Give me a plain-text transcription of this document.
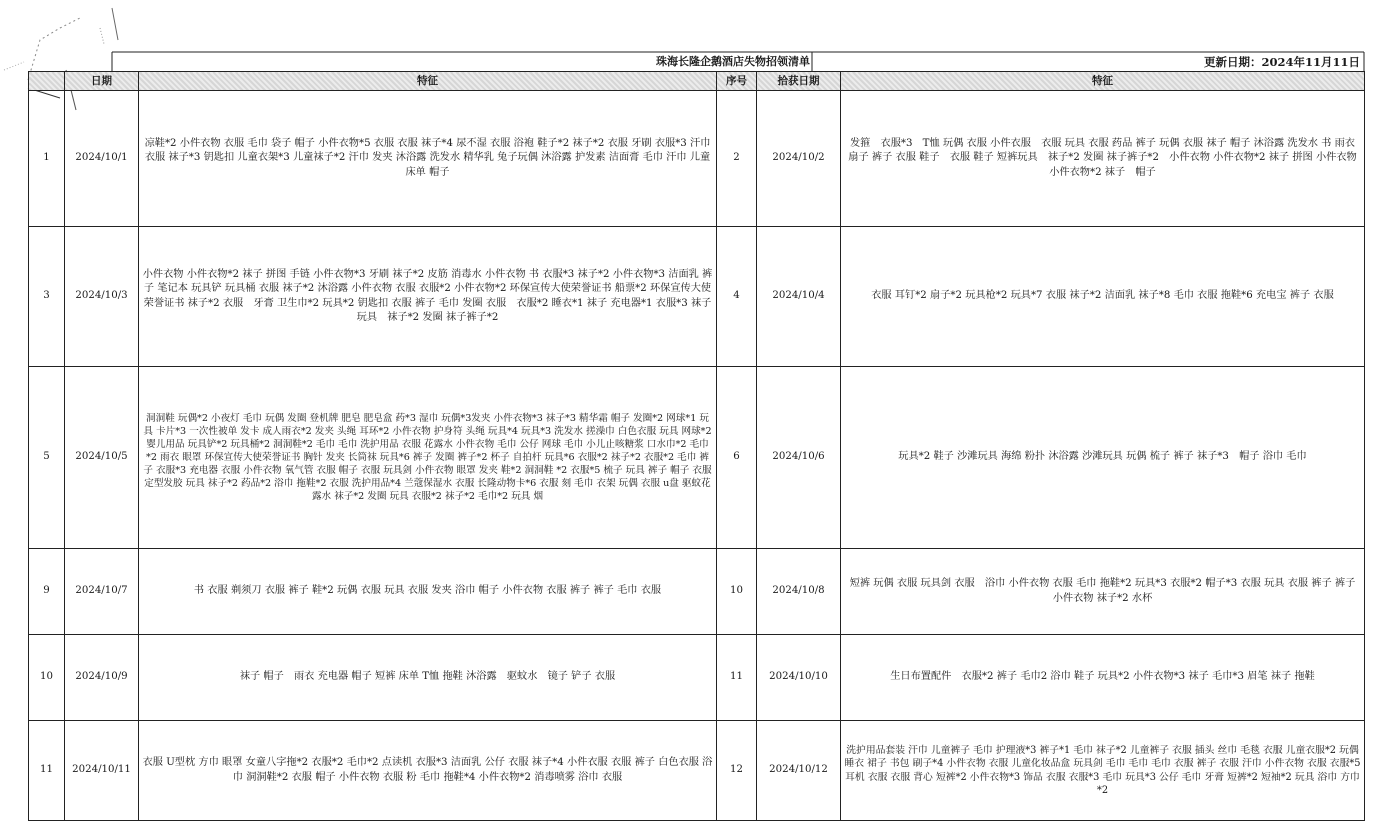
珠海长隆企鹅酒店失物招领清单	更新日期：2024年11月11日
	日期	特征	序号	拾获日期	特征
1	2024/10/1	凉鞋*2 小件衣物 衣服 毛巾 袋子 帽子 小件衣物*5 衣服 衣服 袜子*4 尿不湿 衣服 浴袍 鞋子*2 袜子*2 衣服 牙刷 衣服*3 汗巾 衣服 袜子*3 钥匙扣 儿童衣架*3 儿童袜子*2 汗巾 发夹 沐浴露 洗发水 精华乳 兔子玩偶 沐浴露 护发素 洁面膏 毛巾 汗巾 儿童床单 帽子	2	2024/10/2	发箍　衣服*3　T恤 玩偶 衣服 小件衣服　衣服 玩具 衣服 药品 裤子 玩偶 衣服 袜子 帽子 沐浴露 洗发水 书 雨衣　扇子 裤子 衣服 鞋子　衣服 鞋子 短裤玩具　袜子*2 发圈 袜子裤子*2　小件衣物 小件衣物*2 袜子 拼图 小件衣物 小件衣物*2 袜子　帽子
3	2024/10/3	小件衣物 小件衣物*2 袜子 拼图 手链 小件衣物*3 牙刷 袜子*2 皮筋 消毒水 小件衣物 书 衣服*3 袜子*2 小件衣物*3 洁面乳 裤子 笔记本 玩具铲 玩具桶 衣服 袜子*2 沐浴露 小件衣物 衣服 衣服*2 小件衣物*2 环保宣传大使荣誉证书 船票*2 环保宣传大使荣誉证书 袜子*2 衣服　牙膏 卫生巾*2 玩具*2 钥匙扣 衣服 裤子 毛巾 发圈 衣服　衣服*2 睡衣*1 袜子 充电器*1 衣服*3 袜子　玩具　袜子*2 发圈 袜子裤子*2	4	2024/10/4	衣服 耳钉*2 扇子*2 玩具枪*2 玩具*7 衣服 袜子*2 洁面乳 袜子*8 毛巾 衣服 拖鞋*6 充电宝 裤子 衣服
5	2024/10/5	洞洞鞋 玩偶*2 小夜灯 毛巾 玩偶 发圈 登机牌 肥皂 肥皂盒 药*3 湿巾 玩偶*3发夹 小件衣物*3 袜子*3 精华霜 帽子 发圈*2 网球*1 玩具 卡片*3 一次性被单 发卡 成人雨衣*2 发夹 头绳 耳环*2 小件衣物 护身符 头绳 玩具*4 玩具*3 洗发水 搓澡巾 白色衣服 玩具 网球*2 婴儿用品 玩具铲*2 玩具桶*2 洞洞鞋*2 毛巾 毛巾 洗护用品 衣服 花露水 小件衣物 毛巾 公仔 网球 毛巾 小儿止咳糖浆 口水巾*2 毛巾*2 雨衣 眼罩 环保宣传大使荣誉证书 胸针 发夹 长筒袜 玩具*6 裤子 发圈 裤子*2 杯子 自拍杆 玩具*6 衣服*2 袜子*2 衣服*2 毛巾 裤子 衣服*3 充电器 衣服 小件衣物 氧气管 衣服 帽子 衣服 玩具剑 小件衣物 眼罩 发夹 鞋*2 洞洞鞋 *2 衣服*5 梳子 玩具 裤子 帽子 衣服 定型发胶 玩具 袜子*2 药品*2 浴巾 拖鞋*2 衣服 洗护用品*4 兰蔻保湿水 衣服 长隆动物卡*6 衣服 刻 毛巾 衣架 玩偶 衣服 u盘 驱蚊花露水 袜子*2 发圈 玩具 衣服*2 袜子*2 毛巾*2 玩具 烟	6	2024/10/6	玩具*2 鞋子 沙滩玩具 海绵 粉扑 沐浴露 沙滩玩具 玩偶 梳子 裤子 袜子*3　帽子 浴巾 毛巾
9	2024/10/7	书 衣服 剃须刀 衣服 裤子 鞋*2 玩偶 衣服 玩具 衣服 发夹 浴巾 帽子 小件衣物 衣服 裤子 裤子 毛巾 衣服	10	2024/10/8	短裤 玩偶 衣服 玩具剑 衣服　浴巾 小件衣物 衣服 毛巾 拖鞋*2 玩具*3 衣服*2 帽子*3 衣服 玩具 衣服 裤子 裤子 小件衣物 袜子*2 水杯
10	2024/10/9	袜子 帽子　雨衣 充电器 帽子 短裤 床单 T恤 拖鞋 沐浴露　驱蚊水　镜子 铲子 衣服	11	2024/10/10	生日布置配件　衣服*2 裤子 毛巾2 浴巾 鞋子 玩具*2 小件衣物*3 袜子 毛巾*3 眉笔 袜子 拖鞋
11	2024/10/11	衣服 U型枕 方巾 眼罩 女童八字拖*2 衣服*2 毛巾*2 点读机 衣服*3 洁面乳 公仔 衣服 袜子*4 小件衣服 衣服 裤子 白色衣服 浴巾 洞洞鞋*2 衣服 帽子 小件衣物 衣服 粉 毛巾 拖鞋*4 小件衣物*2 消毒喷雾 浴巾 衣服	12	2024/10/12	洗护用品套装 汗巾 儿童裤子 毛巾 护理液*3 裤子*1 毛巾 袜子*2 儿童裤子 衣服 插头 丝巾 毛毯 衣服 儿童衣服*2 玩偶 睡衣 裙子 书包 刷子*4 小件衣物 衣服 儿童化妆品盒 玩具剑 毛巾 毛巾 毛巾 衣服 裤子 衣服 汗巾 小件衣物 衣服 衣服*5 耳机 衣服 衣服 背心 短裤*2 小件衣物*3 饰品 衣服 衣服*3 毛巾 玩具*3 公仔 毛巾 牙膏 短裤*2 短袖*2 玩具 浴巾 方巾*2
